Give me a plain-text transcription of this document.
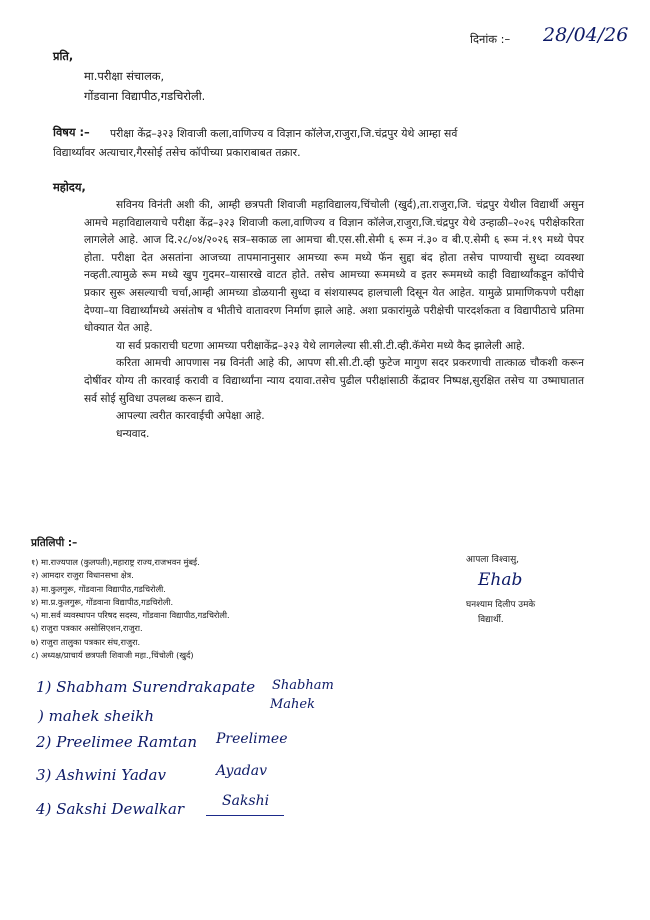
दिनांक :– 28/04/26
प्रति,
मा.परीक्षा संचालक,
गोंडवाना विद्यापीठ,गडचिरोली.
विषय :– परीक्षा केंद्र–३२३ शिवाजी कला,वाणिज्य व विज्ञान कॉलेज,राजुरा,जि.चंद्रपुर येथे आम्हा सर्व
विद्यार्थ्यांवर अत्याचार,गैरसोई तसेच कॉपीच्या प्रकाराबाबत तक्रार.
महोदय,

सविनय विनंती अशी की, आम्ही छत्रपती शिवाजी महाविद्यालय,चिंचोली (खुर्द),ता.राजुरा,जि. चंद्रपुर येथील विद्यार्थी असुन आमचे महाविद्यालयाचे परीक्षा केंद्र–३२३ शिवाजी कला,वाणिज्य व विज्ञान कॉलेज,राजुरा,जि.चंद्रपुर येथे उन्हाळी–२०२६ परीक्षेकरिता लागलेले आहे. आज दि.२८/०४/२०२६ सत्र–सकाळ ला आमचा बी.एस.सी.सेमी ६ रूम नं.३० व बी.ए.सेमी ६ रूम नं.१९ मध्ये पेपर होता. परीक्षा देत असतांना आजच्या तापमानानुसार आमच्या रूम मध्ये फॅन सुद्दा बंद होता तसेच पाण्याची सुध्दा व्यवस्था नव्हती.त्यामुळे रूम मध्ये खुप गुदमर–यासारखे वाटत होते. तसेच आमच्या रूममध्ये व इतर रूममध्ये काही विद्यार्थ्यांकडून कॉपीचे प्रकार सुरू असल्याची चर्चा,आम्ही आमच्या डोळयानी सुध्दा व संशयास्पद हालचाली दिसून येत आहेत. यामुळे प्रामाणिकपणे परीक्षा देण्या–या विद्यार्थ्यांमध्ये असंतोष व भीतीचे वातावरण निर्माण झाले आहे. अशा प्रकारांमुळे परीक्षेची पारदर्शकता व विद्यापीठाचे प्रतिमा धोक्यात येत आहे.

या सर्व प्रकाराची घटणा आमच्या परीक्षाकेंद्र–३२३ येथे लागलेल्या सी.सी.टी.व्ही.कॅमेरा मध्ये कैद झालेली आहे.

करिता आमची आपणास नम्र विनंती आहे की, आपण सी.सी.टी.व्ही फुटेज मागुण सदर प्रकरणाची तात्काळ चौकशी करून दोषींवर योग्य ती कारवाई करावी व विद्यार्थ्यांना न्याय दयावा.तसेच पुढील परीक्षांसाठी केंद्रावर निष्पक्ष,सुरक्षित तसेच या उष्माघातात सर्व सोई सुविधा उपलब्ध करून द्यावे.

आपल्या त्वरीत कारवाईची अपेक्षा आहे.

धन्यवाद.

प्रतिलिपी :–
१) मा.राज्यपाल (कुलपती),महाराष्ट्र राज्य,राजभवन मुंबई.
२) आमदार राजुरा विधानसभा क्षेत्र.
३) मा.कुलगुरू, गोंडवाना विद्यापीठ,गडचिरोली.
४) मा.प्र.कुलगुरू, गोंडवाना विद्यापीठ,गडचिरोली.
५) मा.सर्व व्यवस्थापन परिषद सदस्य, गोंडवाना विद्यापीठ,गडचिरोली.
६) राजुरा पत्रकार असोसिएशन,राजुरा.
७) राजुरा तालुका पत्रकार संघ,राजुरा.
८) अध्यक्ष/प्राचार्य छत्रपती शिवाजी महा.,चिंचोली (खुर्द)
आपला विश्वासु,
Ehab
घनश्याम दिलीप उमके
विद्यार्थी.
1) Shabham Surendrakapate
) mahek sheikh
2) Preelimee Ramtan
3) Ashwini Yadav
4) Sakshi Dewalkar
Shabham
Mahek
Preelimee
Ayadav
Sakshi
